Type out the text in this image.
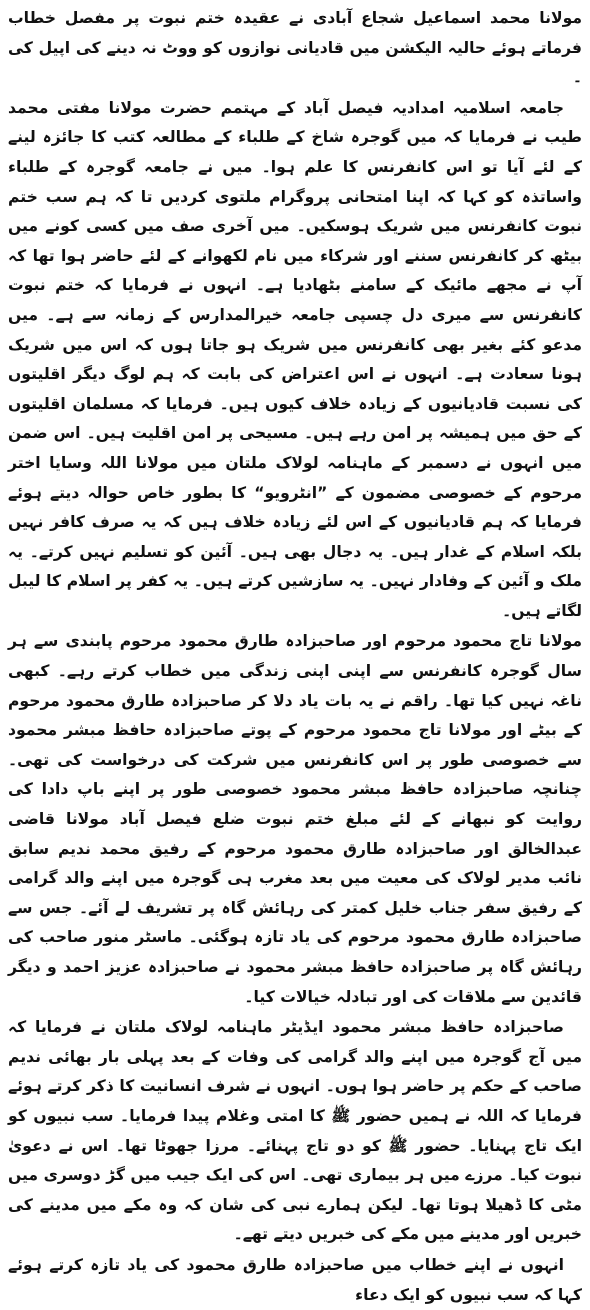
مولانا محمد اسماعیل شجاع آبادی نے عقیدہ ختم نبوت پر مفصل خطاب فرماتے ہوئے حالیہ الیکشن میں قادیانی نوازوں کو ووٹ نہ دینے کی اپیل کی ۔

جامعہ اسلامیہ امدادیہ فیصل آباد کے مہتمم حضرت مولانا مفتی محمد طیب نے فرمایا کہ میں گوجرہ شاخ کے طلباء کے مطالعہ کتب کا جائزہ لینے کے لئے آیا تو اس کانفرنس کا علم ہوا۔ میں نے جامعہ گوجرہ کے طلباء واساتذہ کو کہا کہ اپنا امتحانی پروگرام ملتوی کردیں تا کہ ہم سب ختم نبوت کانفرنس میں شریک ہوسکیں۔ میں آخری صف میں کسی کونے میں بیٹھ کر کانفرنس سننے اور شرکاء میں نام لکھوانے کے لئے حاضر ہوا تھا کہ آپ نے مجھے مائیک کے سامنے بٹھادیا ہے۔ انہوں نے فرمایا کہ ختم نبوت کانفرنس سے میری دل چسپی جامعہ خیرالمدارس کے زمانہ سے ہے۔ میں مدعو کئے بغیر بھی کانفرنس میں شریک ہو جاتا ہوں کہ اس میں شریک ہونا سعادت ہے۔ انہوں نے اس اعتراض کی بابت کہ ہم لوگ دیگر اقلیتوں کی نسبت قادیانیوں کے زیادہ خلاف کیوں ہیں۔ فرمایا کہ مسلمان اقلیتوں کے حق میں ہمیشہ پر امن رہے ہیں۔ مسیحی پر امن اقلیت ہیں۔ اس ضمن میں انہوں نے دسمبر کے ماہنامہ لولاک ملتان میں مولانا اللہ وسایا اختر مرحوم کے خصوصی مضمون کے ”انٹرویو“ کا بطور خاص حوالہ دیتے ہوئے فرمایا کہ ہم قادیانیوں کے اس لئے زیادہ خلاف ہیں کہ یہ صرف کافر نہیں بلکہ اسلام کے غدار ہیں۔ یہ دجال بھی ہیں۔ آئین کو تسلیم نہیں کرتے۔ یہ ملک و آئین کے وفادار نہیں۔ یہ سازشیں کرتے ہیں۔ یہ کفر پر اسلام کا لیبل لگاتے ہیں۔

مولانا تاج محمود مرحوم اور صاحبزادہ طارق محمود مرحوم پابندی سے ہر سال گوجرہ کانفرنس سے اپنی اپنی زندگی میں خطاب کرتے رہے۔ کبھی ناغہ نہیں کیا تھا۔ راقم نے یہ بات یاد دلا کر صاحبزادہ طارق محمود مرحوم کے بیٹے اور مولانا تاج محمود مرحوم کے پوتے صاحبزادہ حافظ مبشر محمود سے خصوصی طور پر اس کانفرنس میں شرکت کی درخواست کی تھی۔ چنانچہ صاحبزادہ حافظ مبشر محمود خصوصی طور پر اپنے باپ دادا کی روایت کو نبھانے کے لئے مبلغ ختم نبوت ضلع فیصل آباد مولانا قاضی عبدالخالق اور صاحبزادہ طارق محمود مرحوم کے رفیق محمد ندیم سابق نائب مدیر لولاک کی معیت میں بعد مغرب ہی گوجرہ میں اپنے والد گرامی کے رفیق سفر جناب خلیل کمتر کی رہائش گاہ پر تشریف لے آئے۔ جس سے صاحبزادہ طارق محمود مرحوم کی یاد تازہ ہوگئی۔ ماسٹر منور صاحب کی رہائش گاہ پر صاحبزادہ حافظ مبشر محمود نے صاحبزادہ عزیز احمد و دیگر قائدین سے ملاقات کی اور تبادلہ خیالات کیا۔

صاحبزادہ حافظ مبشر محمود ایڈیٹر ماہنامہ لولاک ملتان نے فرمایا کہ میں آج گوجرہ میں اپنے والد گرامی کی وفات کے بعد پہلی بار بھائی ندیم صاحب کے حکم پر حاضر ہوا ہوں۔ انہوں نے شرف انسانیت کا ذکر کرتے ہوئے فرمایا کہ اللہ نے ہمیں حضور ﷺ کا امتی وغلام پیدا فرمایا۔ سب نبیوں کو ایک تاج پہنایا۔ حضور ﷺ کو دو تاج پہنائے۔ مرزا جھوٹا تھا۔ اس نے دعویٰ نبوت کیا۔ مرزے میں ہر بیماری تھی۔ اس کی ایک جیب میں گڑ دوسری میں مٹی کا ڈھیلا ہوتا تھا۔ لیکن ہمارے نبی کی شان کہ وہ مکے میں مدینے کی خبریں اور مدینے میں مکے کی خبریں دیتے تھے۔

انہوں نے اپنے خطاب میں صاحبزادہ طارق محمود کی یاد تازہ کرتے ہوئے کہا کہ سب نبیوں کو ایک دعاء
